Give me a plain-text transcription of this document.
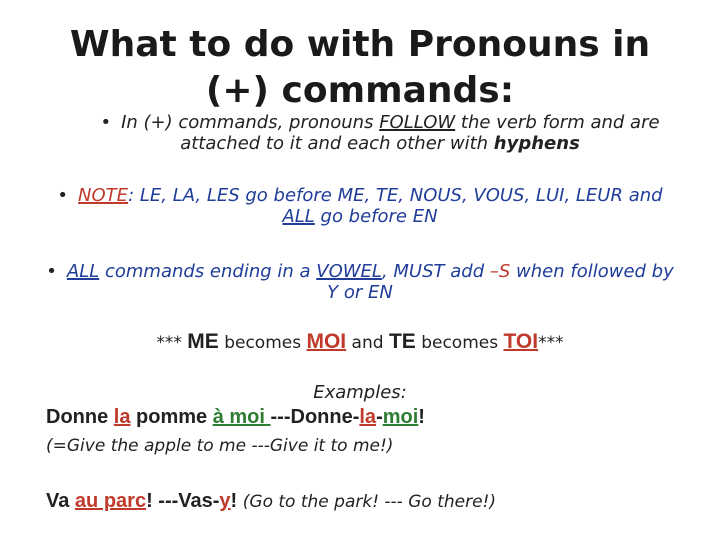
What to do with Pronouns in (+) commands:
• In (+) commands, pronouns FOLLOW the verb form and are attached to it and each other with hyphens
• NOTE: LE, LA, LES go before ME, TE, NOUS, VOUS, LUI, LEUR and ALL go before EN
• ALL commands ending in a VOWEL, MUST add –S when followed by Y or EN
*** ME becomes MOI and TE becomes TOI***
Examples:
Donne la pomme à moi ---Donne-la-moi!
(=Give the apple to me ---Give it to me!)
Va au parc! ---Vas-y! (Go to the park! --- Go there!)
